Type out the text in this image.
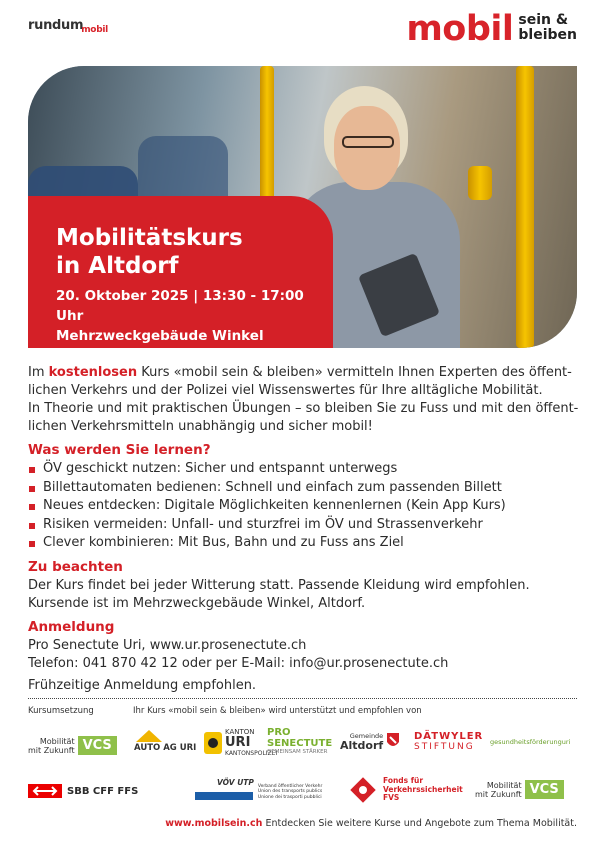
rundum$_{mobil}$	mobil sein &
bleiben
Mobilitätskurs
in Altdorf
20. Oktober 2025 | 13:30 - 17:00 Uhr
Mehrzweckgebäude Winkel
Im kostenlosen Kurs «mobil sein & bleiben» vermitteln Ihnen Experten des öffent-
lichen Verkehrs und der Polizei viel Wissenswertes für Ihre alltägliche Mobilität.
In Theorie und mit praktischen Übungen – so bleiben Sie zu Fuss und mit den öffent-
lichen Verkehrsmitteln unabhängig und sicher mobil!
Was werden Sie lernen?
ÖV geschickt nutzen: Sicher und entspannt unterwegs
Billettautomaten bedienen: Schnell und einfach zum passenden Billett
Neues entdecken: Digitale Möglichkeiten kennenlernen (Kein App Kurs)
Risiken vermeiden: Unfall- und sturzfrei im ÖV und Strassenverkehr
Clever kombinieren: Mit Bus, Bahn und zu Fuss ans Ziel
Zu beachten
Der Kurs findet bei jeder Witterung statt. Passende Kleidung wird empfohlen.
Kursende ist im Mehrzweckgebäude Winkel, Altdorf.
Anmeldung
Pro Senectute Uri, www.ur.prosenectute.ch
Telefon: 041 870 42 12 oder per E-Mail: info@ur.prosenectute.ch
Frühzeitige Anmeldung empfohlen.
Kursumsetzung	Ihr Kurs «mobil sein & bleiben» wird unterstützt und empfohlen von
Mobilität
mit Zukunft VCS	AUTO AG URI
KANTON
URI
KANTONSPOLIZEI
PRO
SENECTUTE
GEMEINSAM STÄRKER
Gemeinde
Altdorf
DÄTWYLER
STIFTUNG gesundheitsförderunguri
SBB CFF FFS
VÖV UTP Verband öffentlicher Verkehr
Union des transports publics
Unione dei trasporti pubblici
Fonds für
Verkehrssicherheit
FVS
Mobilität
mit Zukunft VCS
www.mobilsein.ch Entdecken Sie weitere Kurse und Angebote zum Thema Mobilität.
